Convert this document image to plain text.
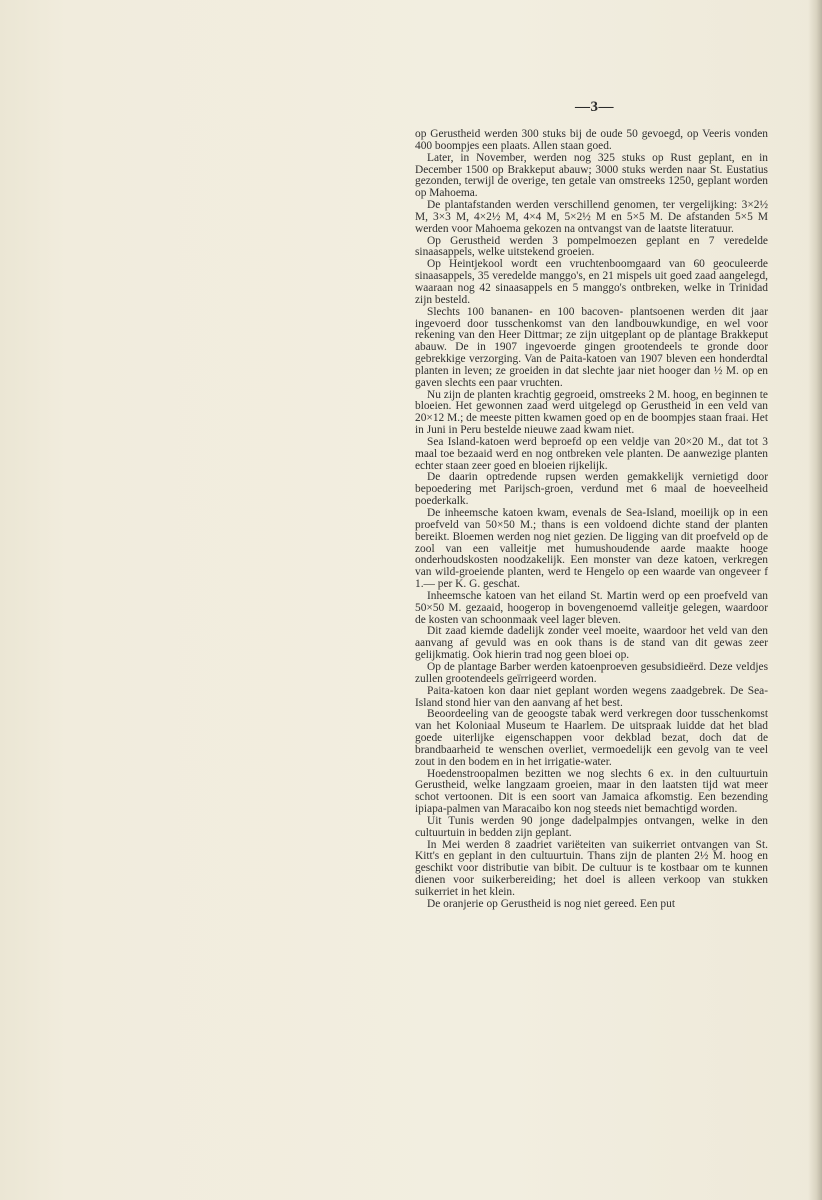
—3—

op Gerustheid werden 300 stuks bij de oude 50 gevoegd, op Veeris vonden 400 boompjes een plaats. Allen staan goed.

Later, in November, werden nog 325 stuks op Rust geplant, en in December 1500 op Brakkeput abauw; 3000 stuks werden naar St. Eustatius gezonden, terwijl de overige, ten getale van omstreeks 1250, geplant worden op Mahoema.

De plantafstanden werden verschillend genomen, ter vergelijking: 3×2½ M, 3×3 M, 4×2½ M, 4×4 M, 5×2½ M en 5×5 M. De afstanden 5×5 M werden voor Mahoema gekozen na ontvangst van de laatste literatuur.

Op Gerustheid werden 3 pompelmoezen geplant en 7 veredelde sinaasappels, welke uitstekend groeien.

Op Heintjekool wordt een vruchtenboomgaard van 60 geoculeerde sinaasappels, 35 veredelde manggo's, en 21 mispels uit goed zaad aangelegd, waaraan nog 42 sinaasappels en 5 manggo's ontbreken, welke in Trinidad zijn besteld.

Slechts 100 bananen- en 100 bacoven- plantsoenen werden dit jaar ingevoerd door tusschenkomst van den landbouwkundige, en wel voor rekening van den Heer Dittmar; ze zijn uitgeplant op de plantage Brakkeput abauw. De in 1907 ingevoerde gingen grootendeels te gronde door gebrekkige verzorging. Van de Paita-katoen van 1907 bleven een honderdtal planten in leven; ze groeiden in dat slechte jaar niet hooger dan ½ M. op en gaven slechts een paar vruchten.

Nu zijn de planten krachtig gegroeid, omstreeks 2 M. hoog, en beginnen te bloeien. Het gewonnen zaad werd uitgelegd op Gerustheid in een veld van 20×12 M.; de meeste pitten kwamen goed op en de boompjes staan fraai. Het in Juni in Peru bestelde nieuwe zaad kwam niet.

Sea Island-katoen werd beproefd op een veldje van 20×20 M., dat tot 3 maal toe bezaaid werd en nog ontbreken vele planten. De aanwezige planten echter staan zeer goed en bloeien rijkelijk.

De daarin optredende rupsen werden gemakkelijk vernietigd door bepoedering met Parijsch-groen, verdund met 6 maal de hoeveelheid poederkalk.

De inheemsche katoen kwam, evenals de Sea-Island, moeilijk op in een proefveld van 50×50 M.; thans is een voldoend dichte stand der planten bereikt. Bloemen werden nog niet gezien. De ligging van dit proefveld op de zool van een valleitje met humushoudende aarde maakte hooge onderhoudskosten noodzakelijk. Een monster van deze katoen, verkregen van wild-groeiende planten, werd te Hengelo op een waarde van ongeveer f 1.— per K. G. geschat.

Inheemsche katoen van het eiland St. Martin werd op een proefveld van 50×50 M. gezaaid, hoogerop in bovengenoemd valleitje gelegen, waardoor de kosten van schoonmaak veel lager bleven.

Dit zaad kiemde dadelijk zonder veel moeite, waardoor het veld van den aanvang af gevuld was en ook thans is de stand van dit gewas zeer gelijkmatig. Ook hierin trad nog geen bloei op.

Op de plantage Barber werden katoenproeven gesubsidieërd. Deze veldjes zullen grootendeels geïrrigeerd worden.

Paita-katoen kon daar niet geplant worden wegens zaadgebrek. De Sea-Island stond hier van den aanvang af het best.

Beoordeeling van de geoogste tabak werd verkregen door tusschenkomst van het Koloniaal Museum te Haarlem. De uitspraak luidde dat het blad goede uiterlijke eigenschappen voor dekblad bezat, doch dat de brandbaarheid te wenschen overliet, vermoedelijk een gevolg van te veel zout in den bodem en in het irrigatie-water.

Hoedenstroopalmen bezitten we nog slechts 6 ex. in den cultuurtuin Gerustheid, welke langzaam groeien, maar in den laatsten tijd wat meer schot vertoonen. Dit is een soort van Jamaica afkomstig. Een bezending ipiapa-palmen van Maracaibo kon nog steeds niet bemachtigd worden.

Uit Tunis werden 90 jonge dadelpalmpjes ontvangen, welke in den cultuurtuin in bedden zijn geplant.

In Mei werden 8 zaadriet variëteiten van suikerriet ontvangen van St. Kitt's en geplant in den cultuurtuin. Thans zijn de planten 2½ M. hoog en geschikt voor distributie van bibit. De cultuur is te kostbaar om te kunnen dienen voor suikerbereiding; het doel is alleen verkoop van stukken suikerriet in het klein.

De oranjerie op Gerustheid is nog niet gereed. Een put
